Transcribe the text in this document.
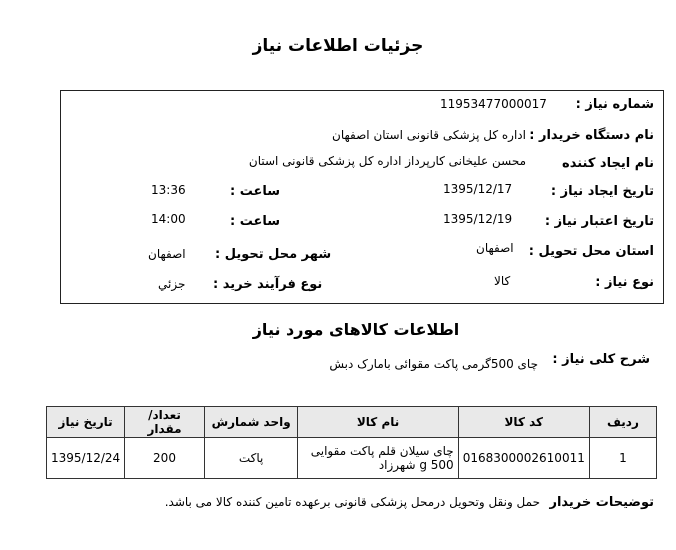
جزئیات اطلاعات نیاز
شماره نیاز :
11953477000017
نام دستگاه خریدار :
اداره کل پزشکی قانونی استان اصفهان
نام ایجاد کننده
محسن علیخانی کارپرداز اداره کل پزشکی قانونی استان
تاریخ ایجاد نیاز :
1395/12/17
ساعت :
13:36
تاریخ اعتبار نیاز :
1395/12/19
ساعت :
14:00
استان محل تحویل :
اصفهان
شهر محل تحویل :
اصفهان
نوع نیاز :
کالا
نوع فرآیند خرید :
جزئي
اطلاعات کالاهای مورد نیاز
شرح کلی نیاز :
چای 500گرمی پاکت مقوائی بامارک دبش
ردیف	کد کالا	نام کالا	واحد شمارش	تعداد/ مقدار	تاریخ نیاز
1	0168300002610011	چای سیلان قلم پاکت مقوایی 500 g شهرزاد	پاکت	200	1395/12/24
توضیحات خریدار
حمل ونقل وتحویل درمحل پزشکی قانونی برعهده تامین کننده کالا می باشد.
